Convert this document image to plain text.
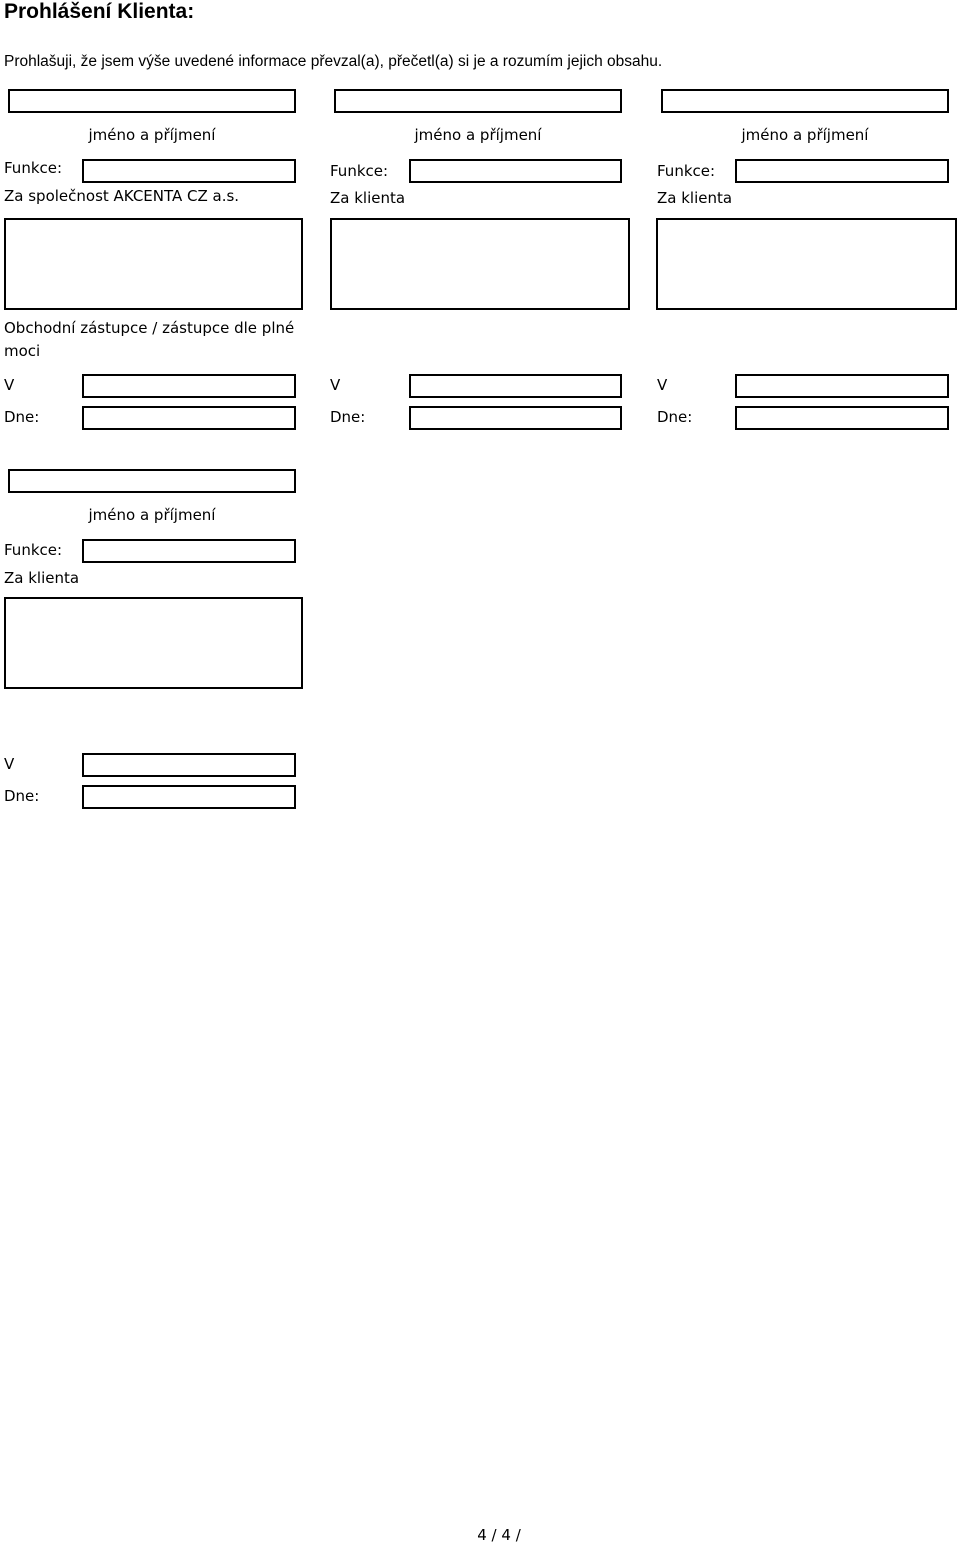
Prohlášení Klienta:
Prohlašuji, že jsem výše uvedené informace převzal(a), přečetl(a) si je a rozumím jejich obsahu.
jméno a příjmení
Funkce:
Za společnost AKCENTA CZ a.s.
Obchodní zástupce / zástupce dle plné
moci
V
Dne:
jméno a příjmení
Funkce:
Za klienta
V
Dne:
jméno a příjmení
Funkce:
Za klienta
V
Dne:
jméno a příjmení
Funkce:
Za klienta
V
Dne:
4 / 4 /
